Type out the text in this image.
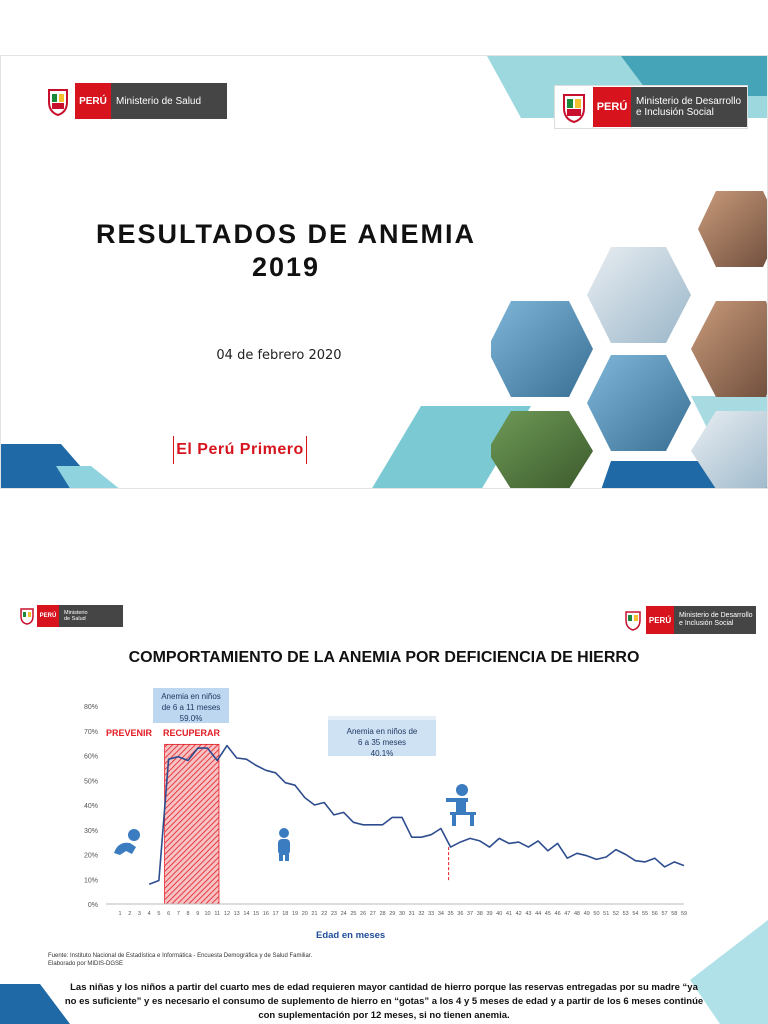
PERÚ Ministerio de Salud	PERÚ Ministerio de Desarrollo
e Inclusión Social
RESULTADOS DE ANEMIA
2019
04 de febrero 2020
El Perú Primero
PERÚ
Ministerio
de Salud	PERÚ	Ministerio de Desarrollo
e Inclusión Social
COMPORTAMIENTO DE LA ANEMIA POR DEFICIENCIA DE HIERRO
0%
10%
20%
30%
40%
50%
60%
70%
80%
1 2 3 4 5 6 7 8 9 10 11 12 13 14 15 16 17 18 19 20 21 22 23 24 25 26 27 28 29 30 31 32 33 34 35 36 37 38 39 40 41 42 43 44 45 46 47 48 49 50 51 52 53 54 55 56 57 58 59
Anemia en niños
de 6 a 11 meses
59.0%
Anemia en niños de
6 a 35 meses
40.1%
PREVENIR RECUPERAR
Edad en meses
Fuente: Instituto Nacional de Estadística e Informática - Encuesta Demográfica y de Salud Familiar.
Elaborado por MIDIS-DGSE
Las niñas y los niños a partir del cuarto mes de edad requieren mayor cantidad de hierro porque las reservas entregadas por su madre “ya
no es suficiente” y es necesario el consumo de suplemento de hierro en “gotas” a los 4 y 5 meses de edad y a partir de los 6 meses continúe
con suplementación por 12 meses, si no tienen anemia.
